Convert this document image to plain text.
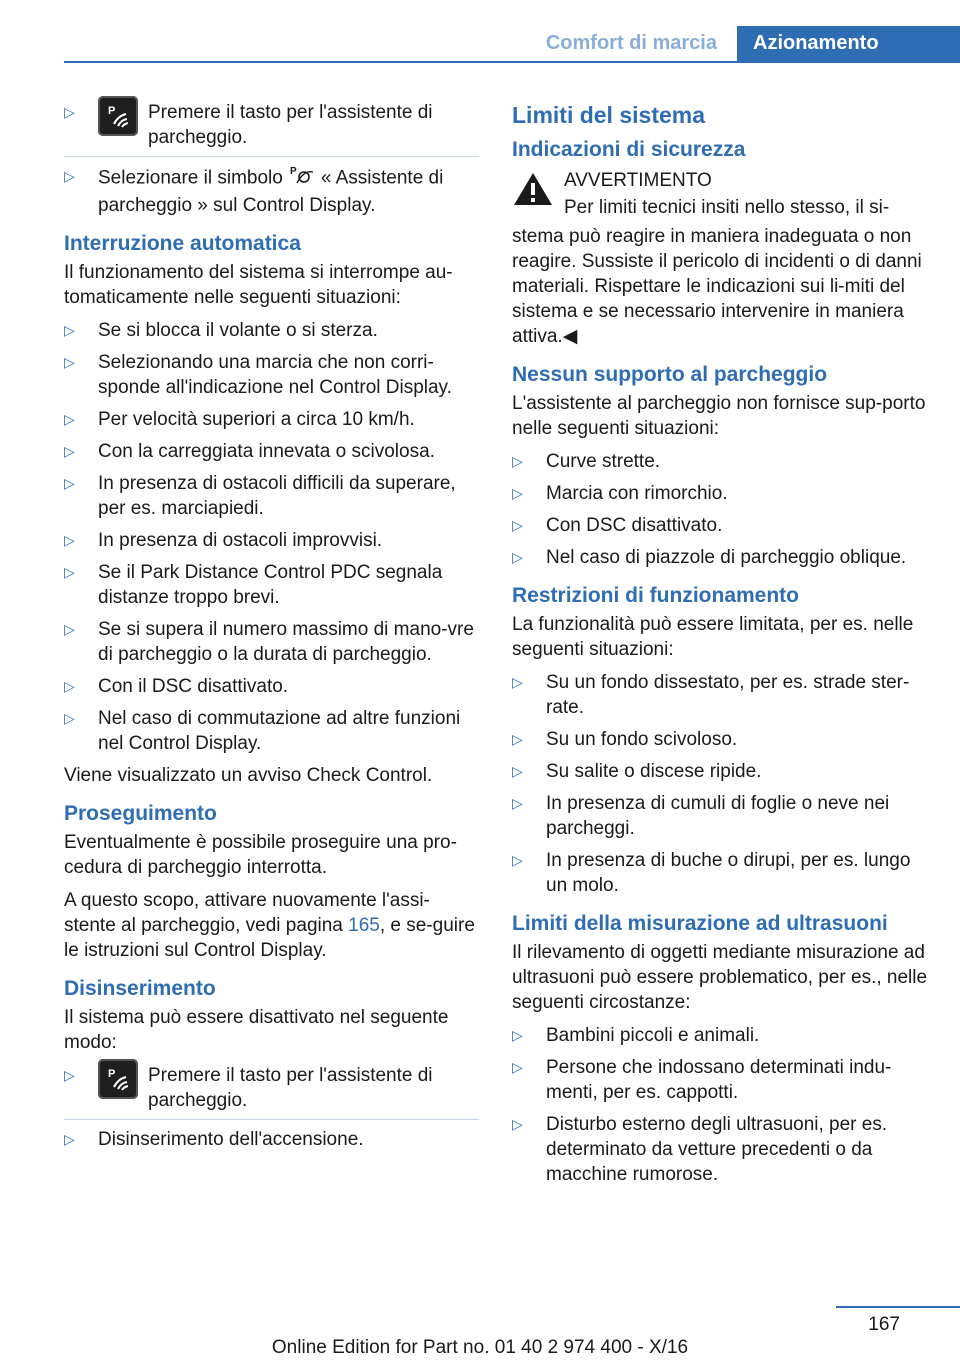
Comfort di marcia	Azionamento
▷	P Premere il tasto per l'assistente di parcheggio.
▷	Selezionare il simbolo P « Assistente di parcheggio » sul Control Display.
Interruzione automatica
Il funzionamento del sistema si interrompe au-tomaticamente nelle seguenti situazioni:
▷	Se si blocca il volante o si sterza.
▷	Selezionando una marcia che non corri-sponde all'indicazione nel Control Display.
▷	Per velocità superiori a circa 10 km/h.
▷	Con la carreggiata innevata o scivolosa.
▷	In presenza di ostacoli difficili da superare, per es. marciapiedi.
▷	In presenza di ostacoli improvvisi.
▷	Se il Park Distance Control PDC segnala distanze troppo brevi.
▷	Se si supera il numero massimo di mano-vre di parcheggio o la durata di parcheggio.
▷	Con il DSC disattivato.
▷	Nel caso di commutazione ad altre funzioni nel Control Display.
Viene visualizzato un avviso Check Control.
Proseguimento
Eventualmente è possibile proseguire una pro-cedura di parcheggio interrotta.
A questo scopo, attivare nuovamente l'assi-stente al parcheggio, vedi pagina 165, e se-guire le istruzioni sul Control Display.
Disinserimento
Il sistema può essere disattivato nel seguente modo:
▷	P Premere il tasto per l'assistente di parcheggio.
▷	Disinserimento dell'accensione.
Limiti del sistema
Indicazioni di sicurezza
AVVERTIMENTO
Per limiti tecnici insiti nello stesso, il si-
stema può reagire in maniera inadeguata o non reagire. Sussiste il pericolo di incidenti o di danni materiali. Rispettare le indicazioni sui li-miti del sistema e se necessario intervenire in maniera attiva.◀
Nessun supporto al parcheggio
L'assistente al parcheggio non fornisce sup-porto nelle seguenti situazioni:
▷	Curve strette.
▷	Marcia con rimorchio.
▷	Con DSC disattivato.
▷	Nel caso di piazzole di parcheggio oblique.
Restrizioni di funzionamento
La funzionalità può essere limitata, per es. nelle seguenti situazioni:
▷	Su un fondo dissestato, per es. strade ster-rate.
▷	Su un fondo scivoloso.
▷	Su salite o discese ripide.
▷	In presenza di cumuli di foglie o neve nei parcheggi.
▷	In presenza di buche o dirupi, per es. lungo un molo.
Limiti della misurazione ad ultrasuoni
Il rilevamento di oggetti mediante misurazione ad ultrasuoni può essere problematico, per es., nelle seguenti circostanze:
▷	Bambini piccoli e animali.
▷	Persone che indossano determinati indu-menti, per es. cappotti.
▷	Disturbo esterno degli ultrasuoni, per es. determinato da vetture precedenti o da macchine rumorose.
167
Online Edition for Part no. 01 40 2 974 400 - X/16
